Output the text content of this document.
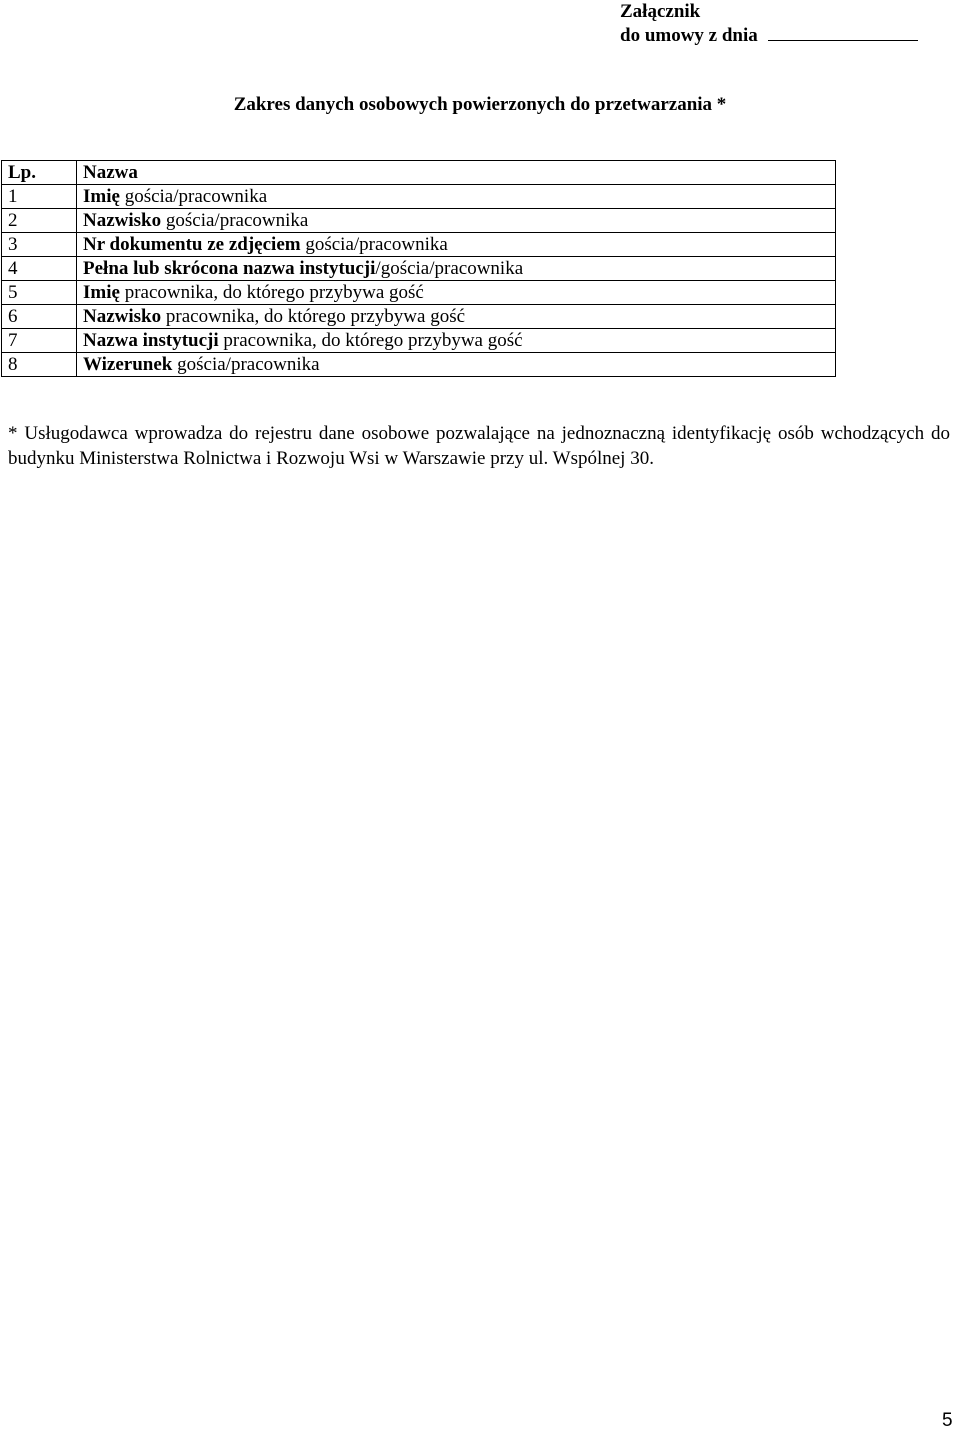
Załącznik
do umowy z dnia
Zakres danych osobowych powierzonych do przetwarzania *
Lp.	Nazwa
1	Imię gościa/pracownika
2	Nazwisko gościa/pracownika
3	Nr dokumentu ze zdjęciem gościa/pracownika
4	Pełna lub skrócona nazwa instytucji/gościa/pracownika
5	Imię pracownika, do którego przybywa gość
6	Nazwisko pracownika, do którego przybywa gość
7	Nazwa instytucji pracownika, do którego przybywa gość
8	Wizerunek gościa/pracownika
* Usługodawca wprowadza do rejestru dane osobowe pozwalające na jednoznaczną identyfikację osób wchodzących do budynku Ministerstwa Rolnictwa i Rozwoju Wsi w Warszawie przy ul. Wspólnej 30.
5
